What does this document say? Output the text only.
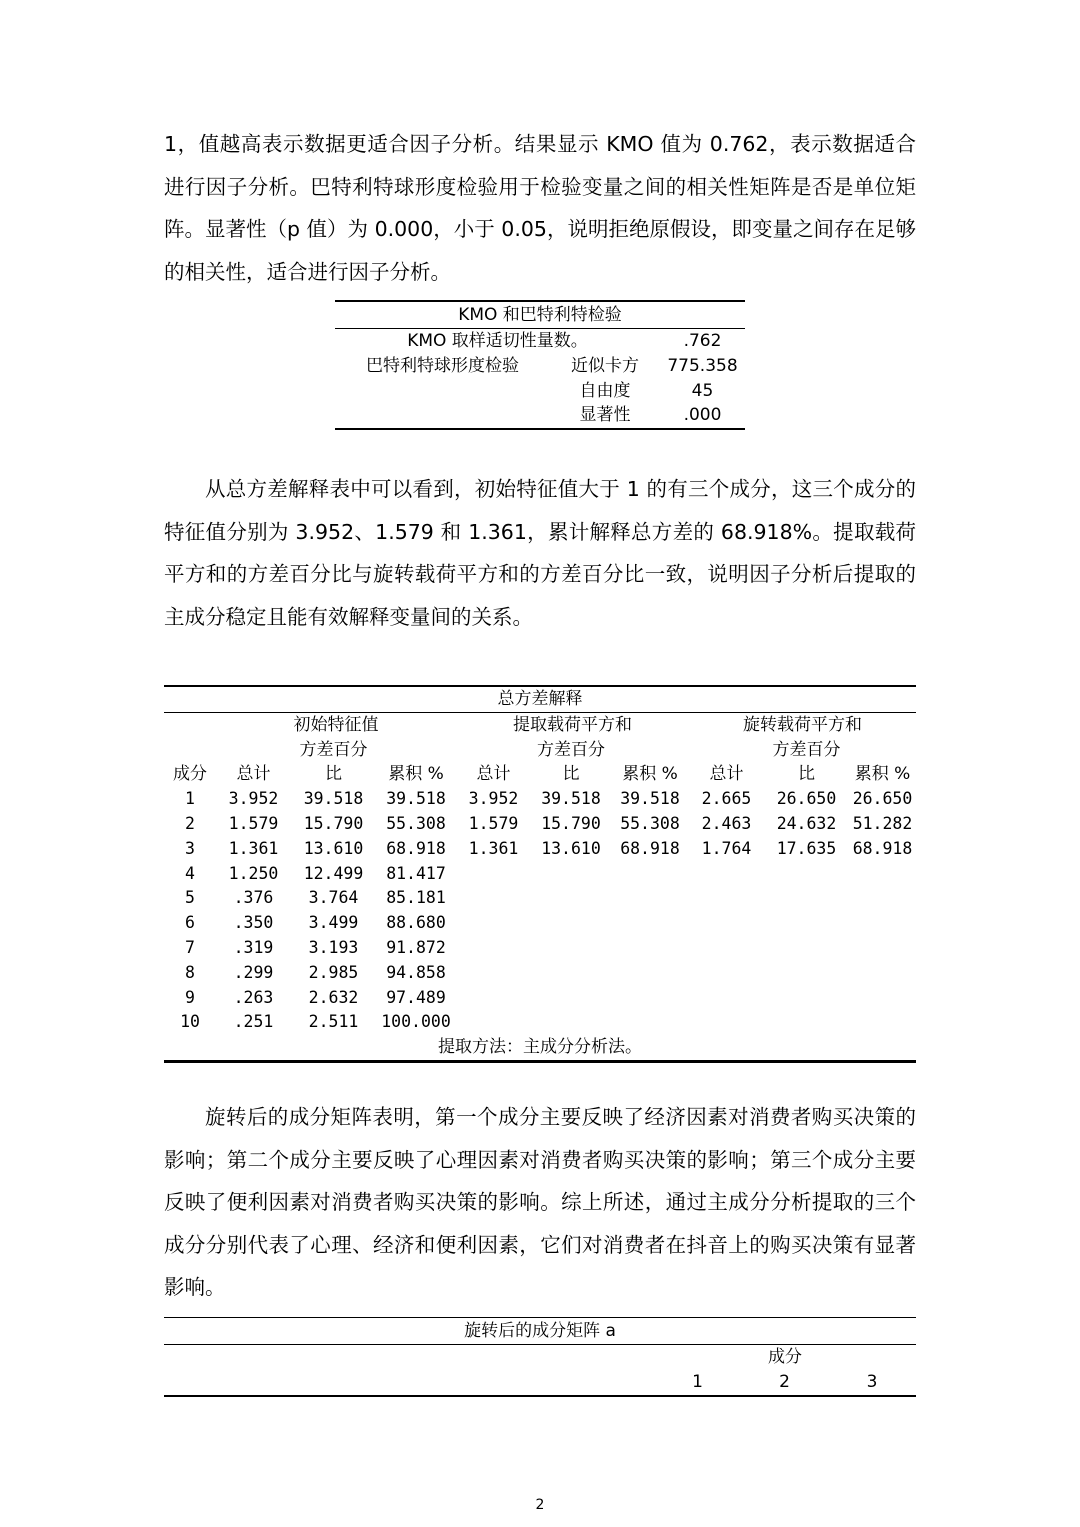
1，值越高表示数据更适合因子分析。结果显示 KMO 值为 0.762，表示数据适合进行因子分析。巴特利特球形度检验用于检验变量之间的相关性矩阵是否是单位矩阵。显著性（p 值）为 0.000，小于 0.05，说明拒绝原假设，即变量之间存在足够的相关性，适合进行因子分析。

KMO 和巴特利特检验		
KMO 取样适切性量数。		.762
巴特利特球形度检验	近似卡方	775.358
	自由度	45
	显著性	.000

从总方差解释表中可以看到，初始特征值大于 1 的有三个成分，这三个成分的特征值分别为 3.952、1.579 和 1.361，累计解释总方差的 68.918%。提取载荷平方和的方差百分比与旋转载荷平方和的方差百分比一致，说明因子分析后提取的主成分稳定且能有效解释变量间的关系。

总方差解释									
	初始特征值			提取载荷平方和			旋转载荷平方和		
		方差百分			方差百分			方差百分	
成分	总计	比	累积 %	总计	比	累积 %	总计	比	累积 %
1	3.952	39.518	39.518	3.952	39.518	39.518	2.665	26.650	26.650
2	1.579	15.790	55.308	1.579	15.790	55.308	2.463	24.632	51.282
3	1.361	13.610	68.918	1.361	13.610	68.918	1.764	17.635	68.918
4	1.250	12.499	81.417						
5	.376	3.764	85.181						
6	.350	3.499	88.680						
7	.319	3.193	91.872						
8	.299	2.985	94.858						
9	.263	2.632	97.489						
10	.251	2.511	100.000						
提取方法：主成分分析法。									

旋转后的成分矩阵表明，第一个成分主要反映了经济因素对消费者购买决策的影响；第二个成分主要反映了心理因素对消费者购买决策的影响；第三个成分主要反映了便利因素对消费者购买决策的影响。综上所述，通过主成分分析提取的三个成分分别代表了心理、经济和便利因素，它们对消费者在抖音上的购买决策有显著影响。

旋转后的成分矩阵 a			
	成分		
	1	2	3
2
